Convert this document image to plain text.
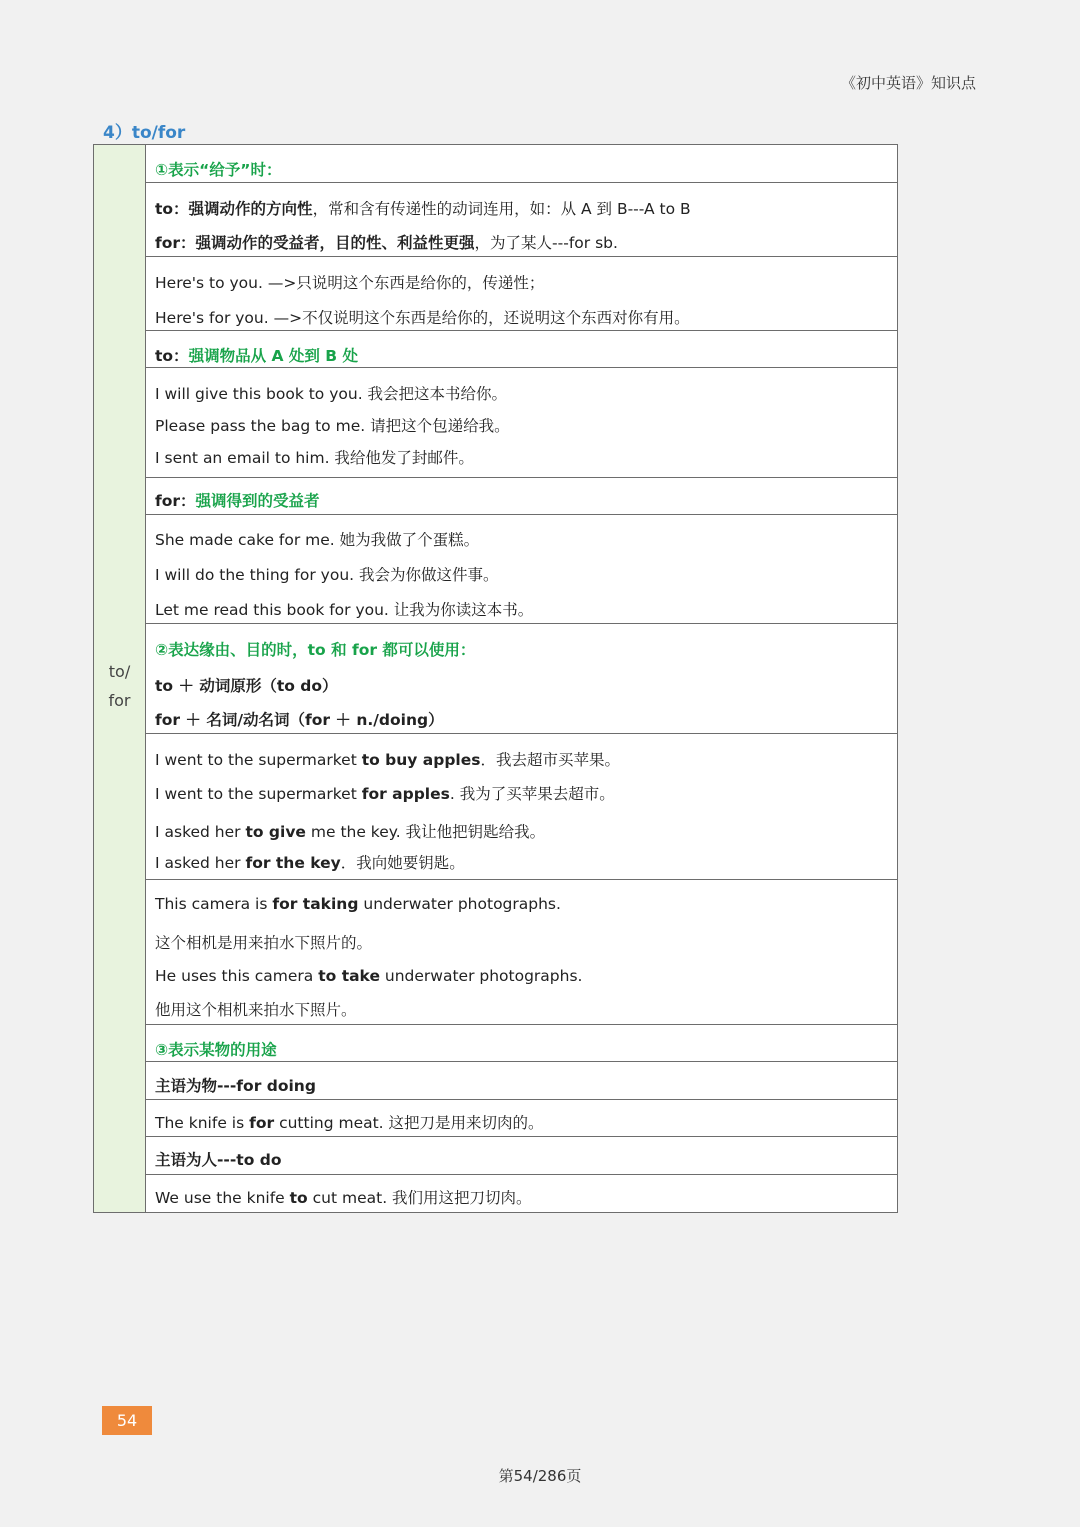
《初中英语》知识点
4）to/for
to/
for
①表示“给予”时：
to：强调动作的方向性，常和含有传递性的动词连用，如：从 A 到 B---A to B
for：强调动作的受益者，目的性、利益性更强，为了某人---for sb.
Here's to you. —>只说明这个东西是给你的，传递性；
Here's for you. —>不仅说明这个东西是给你的，还说明这个东西对你有用。
to：强调物品从 A 处到 B 处
I will give this book to you. 我会把这本书给你。
Please pass the bag to me. 请把这个包递给我。
I sent an email to him. 我给他发了封邮件。
for：强调得到的受益者
She made cake for me. 她为我做了个蛋糕。
I will do the thing for you. 我会为你做这件事。
Let me read this book for you. 让我为你读这本书。
②表达缘由、目的时，to 和 for 都可以使用：
to ＋ 动词原形（to do）
for ＋ 名词/动名词（for ＋ n./doing）
I went to the supermarket to buy apples．我去超市买苹果。
I went to the supermarket for apples. 我为了买苹果去超市。
I asked her to give me the key. 我让他把钥匙给我。
I asked her for the key．我向她要钥匙。
This camera is for taking underwater photographs.
这个相机是用来拍水下照片的。
He uses this camera to take underwater photographs.
他用这个相机来拍水下照片。
③表示某物的用途
主语为物---for doing
The knife is for cutting meat. 这把刀是用来切肉的。
主语为人---to do
We use the knife to cut meat. 我们用这把刀切肉。
54
第54/286页
